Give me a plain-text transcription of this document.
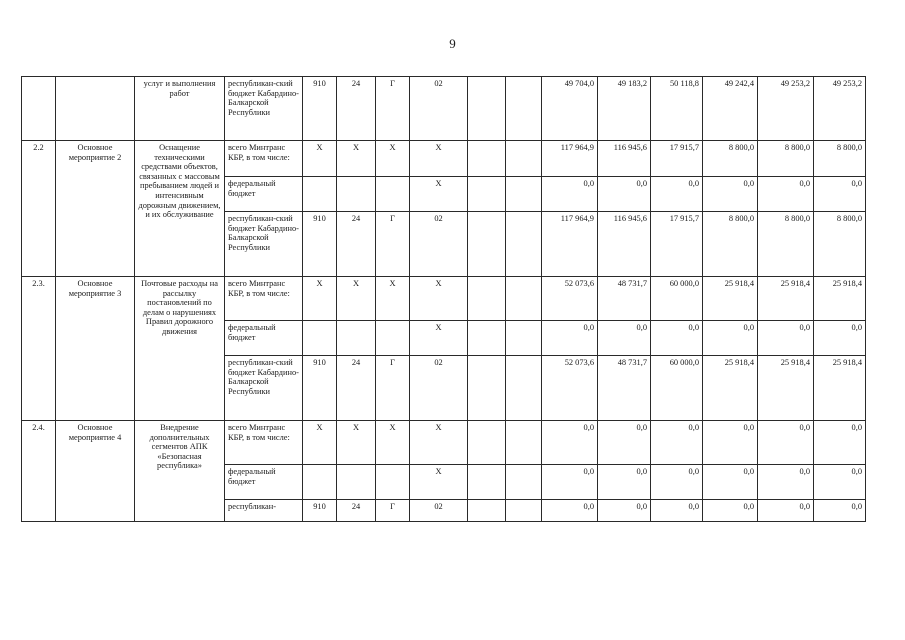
9
		услуг и выполнения работ	республикан-ский бюджет Кабардино-Балкарской Республики	910	24	Г	02			49 704,0	49 183,2	50 118,8	49 242,4	49 253,2	49 253,2
2.2	Основное мероприятие 2	Оснащение техническими средствами объектов, связанных с массовым пребыванием людей и интенсивным дорожным движением, и их обслуживание	всего Минтранс КБР, в том числе:	Х	Х	Х	Х			117 964,9	116 945,6	17 915,7	8 800,0	8 800,0	8 800,0
			федеральный бюджет				Х			0,0	0,0	0,0	0,0	0,0	0,0
			республикан-ский бюджет Кабардино-Балкарской Республики	910	24	Г	02			117 964,9	116 945,6	17 915,7	8 800,0	8 800,0	8 800,0
2.3.	Основное мероприятие 3	Почтовые расходы на рассылку постановлений по делам о нарушениях Правил дорожного движения	всего Минтранс КБР, в том числе:	Х	Х	Х	Х			52 073,6	48 731,7	60 000,0	25 918,4	25 918,4	25 918,4
			федеральный бюджет				Х			0,0	0,0	0,0	0,0	0,0	0,0
			республикан-ский бюджет Кабардино-Балкарской Республики	910	24	Г	02			52 073,6	48 731,7	60 000,0	25 918,4	25 918,4	25 918,4
2.4.	Основное мероприятие 4	Внедрение дополнительных сегментов АПК «Безопасная республика»	всего Минтранс КБР, в том числе:	Х	Х	Х	Х			0,0	0,0	0,0	0,0	0,0	0,0
			федеральный бюджет				Х			0,0	0,0	0,0	0,0	0,0	0,0
			республикан-	910	24	Г	02			0,0	0,0	0,0	0,0	0,0	0,0
